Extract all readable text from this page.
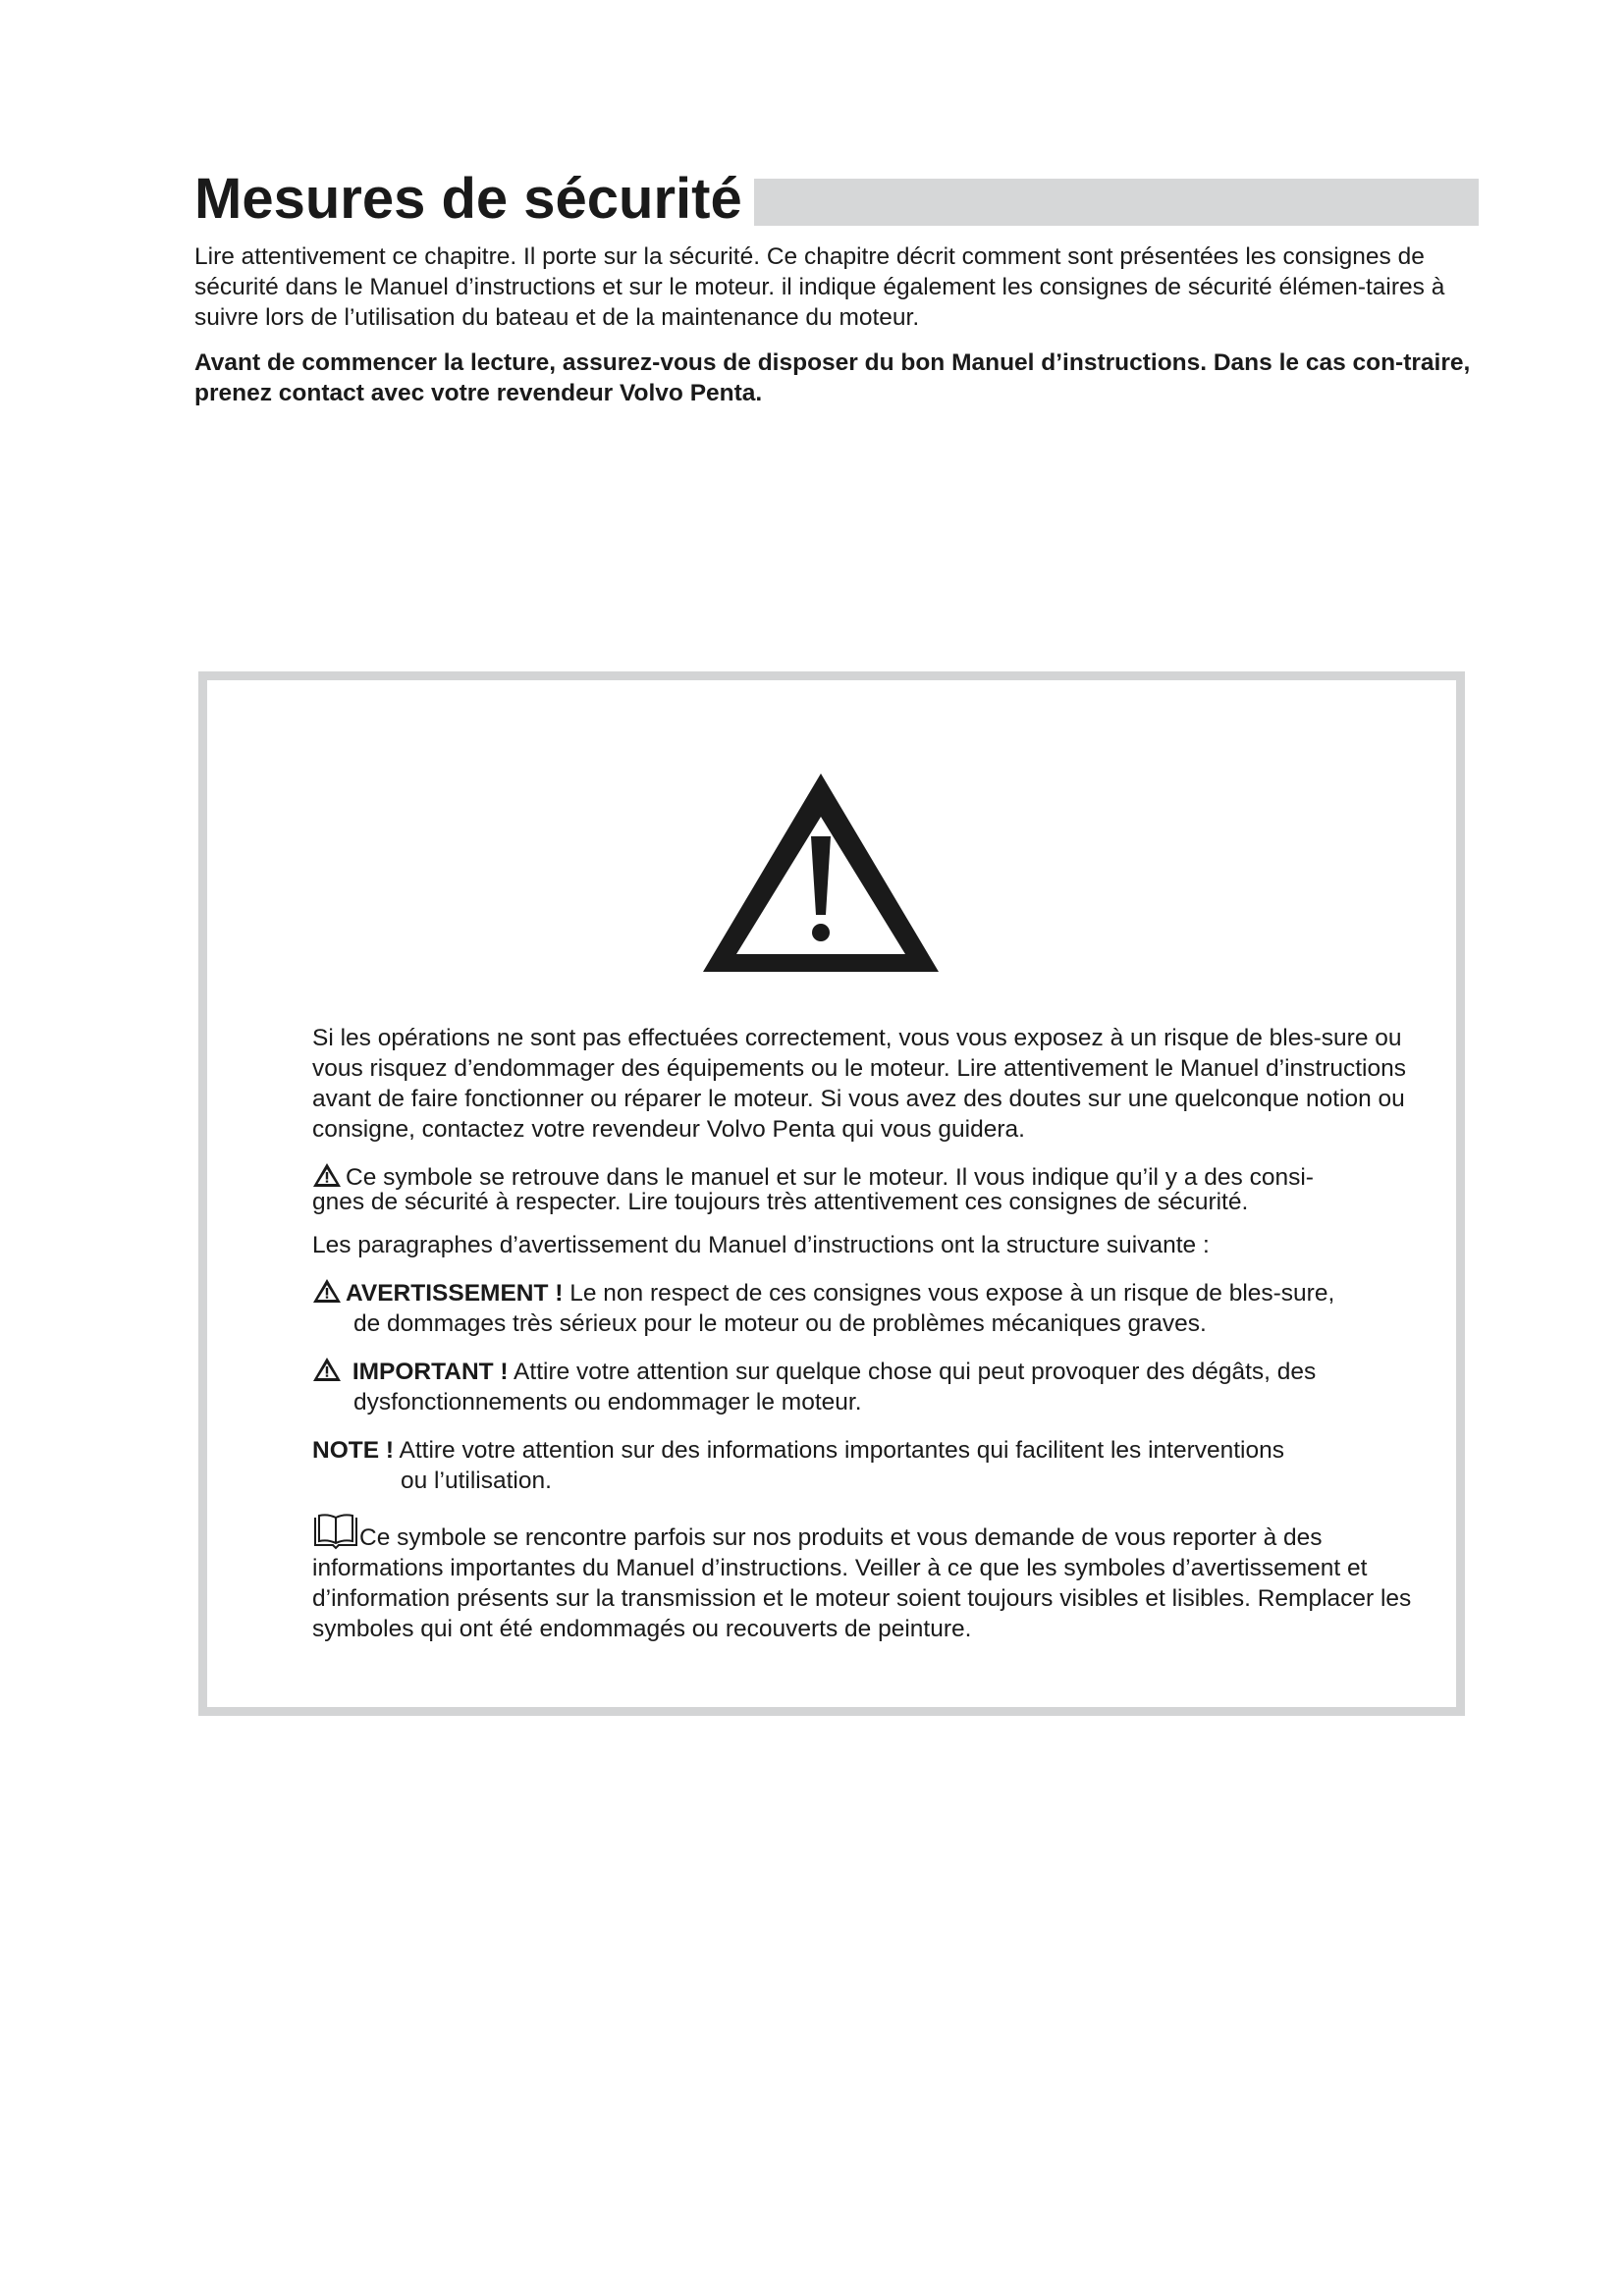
Mesures de sécurité

Lire attentivement ce chapitre. Il porte sur la sécurité. Ce chapitre décrit comment sont présentées les consignes de sécurité dans le Manuel d’instructions et sur le moteur. il indique également les consignes de sécurité élémen-taires à suivre lors de l’utilisation du bateau et de la maintenance du moteur.

Avant de commencer la lecture, assurez-vous de disposer du bon Manuel d’instructions. Dans le cas con-traire, prenez contact avec votre revendeur Volvo Penta.

Si les opérations ne sont pas effectuées correctement, vous vous exposez à un risque de bles-sure ou vous risquez d’endommager des équipements ou le moteur. Lire attentivement le Manuel d’instructions avant de faire fonctionner ou réparer le moteur. Si vous avez des doutes sur une quelconque notion ou consigne, contactez votre revendeur Volvo Penta qui vous guidera.

Ce symbole se retrouve dans le manuel et sur le moteur. Il vous indique qu’il y a des consi-
gnes de sécurité à respecter. Lire toujours très attentivement ces consignes de sécurité.

Les paragraphes d’avertissement du Manuel d’instructions ont la structure suivante :

AVERTISSEMENT ! Le non respect de ces consignes vous expose à un risque de bles-sure,
de dommages très sérieux pour le moteur ou de problèmes mécaniques graves.

IMPORTANT ! Attire votre attention sur quelque chose qui peut provoquer des dégâts, des
dysfonctionnements ou endommager le moteur.

NOTE ! Attire votre attention sur des informations importantes qui facilitent les interventions
ou l’utilisation.

Ce symbole se rencontre parfois sur nos produits et vous demande de vous reporter à des
informations importantes du Manuel d’instructions. Veiller à ce que les symboles d’avertissement et d’information présents sur la transmission et le moteur soient toujours visibles et lisibles. Remplacer les symboles qui ont été endommagés ou recouverts de peinture.
